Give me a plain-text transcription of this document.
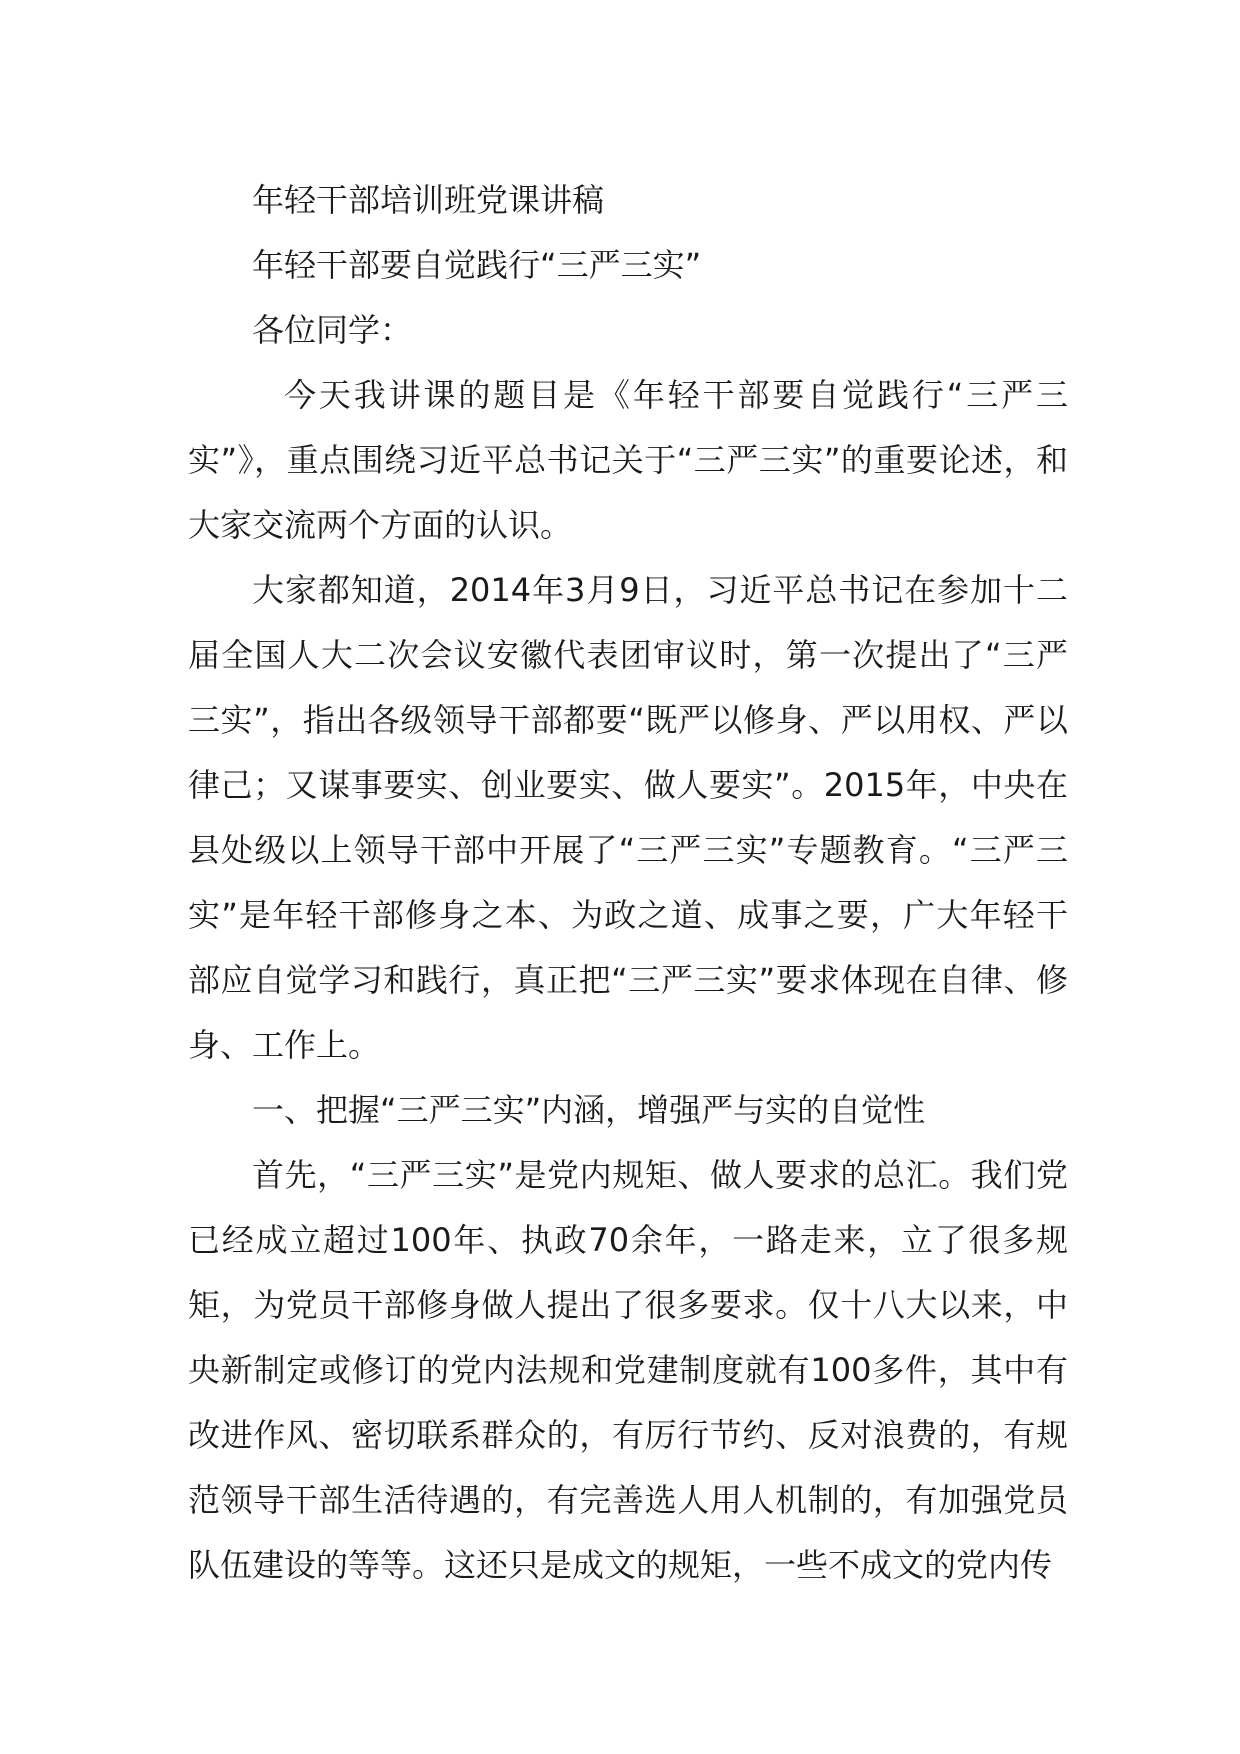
年轻干部培训班党课讲稿

年轻干部要自觉践行“三严三实”

各位同学：

今天我讲课的题目是《年轻干部要自觉践行“三严三实”》，重点围绕习近平总书记关于“三严三实”的重要论述，和大家交流两个方面的认识。

大家都知道，2014年3月9日，习近平总书记在参加十二届全国人大二次会议安徽代表团审议时，第一次提出了“三严三实”，指出各级领导干部都要“既严以修身、严以用权、严以律己；又谋事要实、创业要实、做人要实”。2015年，中央在县处级以上领导干部中开展了“三严三实”专题教育。“三严三实”是年轻干部修身之本、为政之道、成事之要，广大年轻干部应自觉学习和践行，真正把“三严三实”要求体现在自律、修身、工作上。

一、把握“三严三实”内涵，增强严与实的自觉性

首先，“三严三实”是党内规矩、做人要求的总汇。我们党已经成立超过100年、执政70余年，一路走来，立了很多规矩，为党员干部修身做人提出了很多要求。仅十八大以来，中央新制定或修订的党内法规和党建制度就有100多件，其中有改进作风、密切联系群众的，有厉行节约、反对浪费的，有规范领导干部生活待遇的，有完善选人用人机制的，有加强党员队伍建设的等等。这还只是成文的规矩，一些不成文的党内传
